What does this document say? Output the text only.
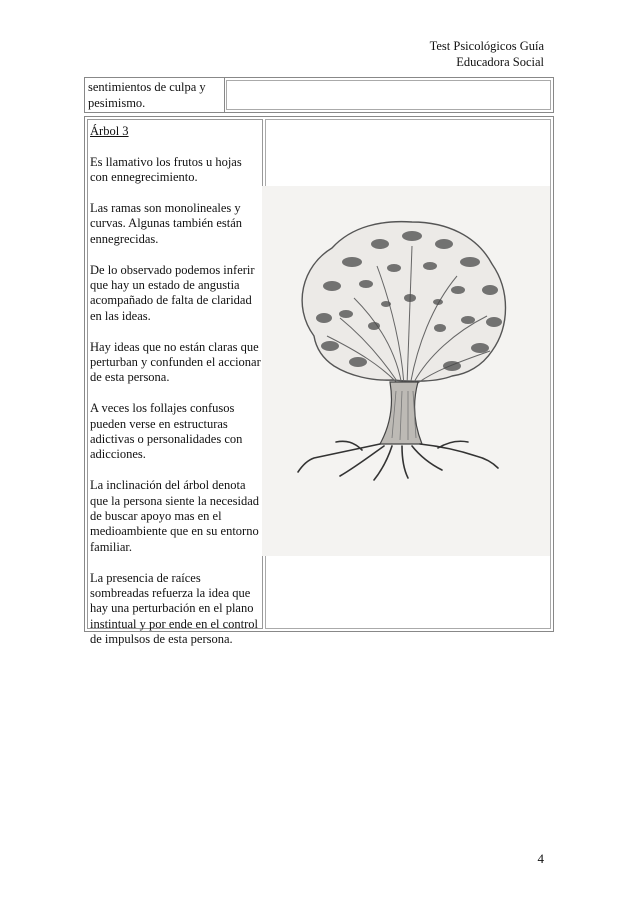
Test Psicológicos Guía
Educadora Social
sentimientos de culpa y pesimismo.

Árbol 3

Es llamativo los frutos u hojas con ennegrecimiento.

Las ramas son monolineales y curvas. Algunas también están ennegrecidas.

De lo observado podemos inferir que hay un estado de angustia acompañado de falta de claridad en las ideas.

Hay ideas que no están claras que perturban y confunden el accionar de esta persona.

A veces los follajes confusos pueden verse en estructuras adictivas o personalidades con adicciones.

La inclinación del árbol denota que la persona siente la necesidad de buscar apoyo mas en el medioambiente que en su entorno familiar.

La presencia de raíces sombreadas refuerza la idea que hay una perturbación en el plano instintual y por ende en el control de impulsos de esta persona.

4
